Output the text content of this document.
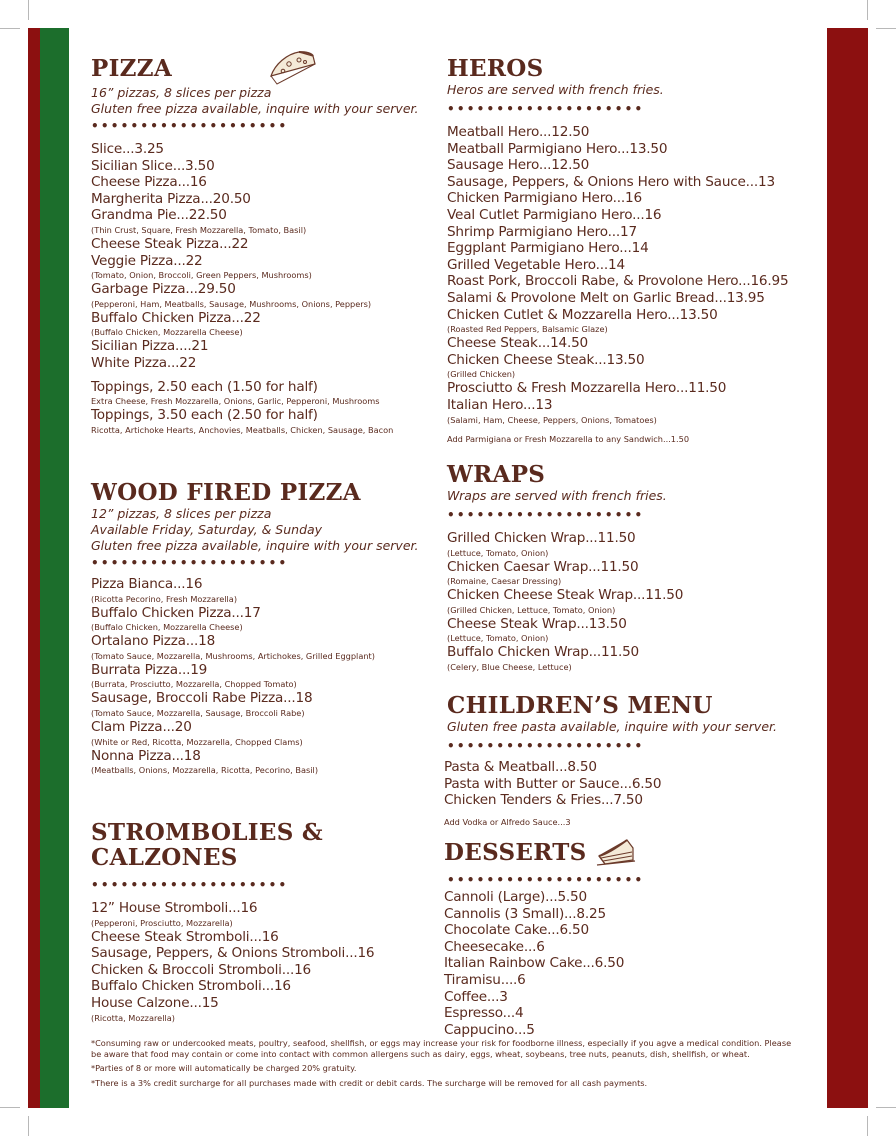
PIZZA

16” pizzas, 8 slices per pizza

Gluten free pizza available, inquire with your server.

••••••••••••••••••••

Slice...3.25

Sicilian Slice...3.50

Cheese Pizza...16

Margherita Pizza...20.50

Grandma Pie...22.50

(Thin Crust, Square, Fresh Mozzarella, Tomato, Basil)

Cheese Steak Pizza...22

Veggie Pizza...22

(Tomato, Onion, Broccoli, Green Peppers, Mushrooms)

Garbage Pizza...29.50

(Pepperoni, Ham, Meatballs, Sausage, Mushrooms, Onions, Peppers)

Buffalo Chicken Pizza...22

(Buffalo Chicken, Mozzarella Cheese)

Sicilian Pizza....21

White Pizza...22

Toppings, 2.50 each (1.50 for half)

Extra Cheese, Fresh Mozzarella, Onions, Garlic, Pepperoni, Mushrooms

Toppings, 3.50 each (2.50 for half)

Ricotta, Artichoke Hearts, Anchovies, Meatballs, Chicken, Sausage, Bacon

WOOD FIRED PIZZA

12” pizzas, 8 slices per pizza

Available Friday, Saturday, & Sunday

Gluten free pizza available, inquire with your server.

••••••••••••••••••••

Pizza Bianca...16

(Ricotta Pecorino, Fresh Mozzarella)

Buffalo Chicken Pizza...17

(Buffalo Chicken, Mozzarella Cheese)

Ortalano Pizza...18

(Tomato Sauce, Mozzarella, Mushrooms, Artichokes, Grilled Eggplant)

Burrata Pizza...19

(Burrata, Prosciutto, Mozzarella, Chopped Tomato)

Sausage, Broccoli Rabe Pizza...18

(Tomato Sauce, Mozzarella, Sausage, Broccoli Rabe)

Clam Pizza...20

(White or Red, Ricotta, Mozzarella, Chopped Clams)

Nonna Pizza...18

(Meatballs, Onions, Mozzarella, Ricotta, Pecorino, Basil)

STROMBOLIES &
CALZONES

••••••••••••••••••••

12” House Stromboli...16

(Pepperoni, Prosciutto, Mozzarella)

Cheese Steak Stromboli...16

Sausage, Peppers, & Onions Stromboli...16

Chicken & Broccoli Stromboli...16

Buffalo Chicken Stromboli...16

House Calzone...15

(Ricotta, Mozzarella)

HEROS

Heros are served with french fries.

••••••••••••••••••••

Meatball Hero...12.50

Meatball Parmigiano Hero...13.50

Sausage Hero...12.50

Sausage, Peppers, & Onions Hero with Sauce...13

Chicken Parmigiano Hero...16

Veal Cutlet Parmigiano Hero...16

Shrimp Parmigiano Hero...17

Eggplant Parmigiano Hero...14

Grilled Vegetable Hero...14

Roast Pork, Broccoli Rabe, & Provolone Hero...16.95

Salami & Provolone Melt on Garlic Bread...13.95

Chicken Cutlet & Mozzarella Hero...13.50

(Roasted Red Peppers, Balsamic Glaze)

Cheese Steak...14.50

Chicken Cheese Steak...13.50

(Grilled Chicken)

Prosciutto & Fresh Mozzarella Hero...11.50

Italian Hero...13

(Salami, Ham, Cheese, Peppers, Onions, Tomatoes)

Add Parmigiana or Fresh Mozzarella to any Sandwich...1.50

WRAPS

Wraps are served with french fries.

••••••••••••••••••••

Grilled Chicken Wrap...11.50

(Lettuce, Tomato, Onion)

Chicken Caesar Wrap...11.50

(Romaine, Caesar Dressing)

Chicken Cheese Steak Wrap...11.50

(Grilled Chicken, Lettuce, Tomato, Onion)

Cheese Steak Wrap...13.50

(Lettuce, Tomato, Onion)

Buffalo Chicken Wrap...11.50

(Celery, Blue Cheese, Lettuce)

CHILDREN’S MENU

Gluten free pasta available, inquire with your server.

••••••••••••••••••••

Pasta & Meatball...8.50

Pasta with Butter or Sauce...6.50

Chicken Tenders & Fries...7.50

Add Vodka or Alfredo Sauce...3

DESSERTS

••••••••••••••••••••

Cannoli (Large)...5.50

Cannolis (3 Small)...8.25

Chocolate Cake...6.50

Cheesecake...6

Italian Rainbow Cake...6.50

Tiramisu....6

Coffee...3

Espresso...4

Cappucino...5

*Consuming raw or undercooked meats, poultry, seafood, shellfish, or eggs may increase your risk for foodborne illness, especially if you agve a medical condition. Please be aware that food may contain or come into contact with common allergens such as dairy, eggs, wheat, soybeans, tree nuts, peanuts, dish, shellfish, or wheat.

*Parties of 8 or more will automatically be charged 20% gratuity.

*There is a 3% credit surcharge for all purchases made with credit or debit cards. The surcharge will be removed for all cash payments.
